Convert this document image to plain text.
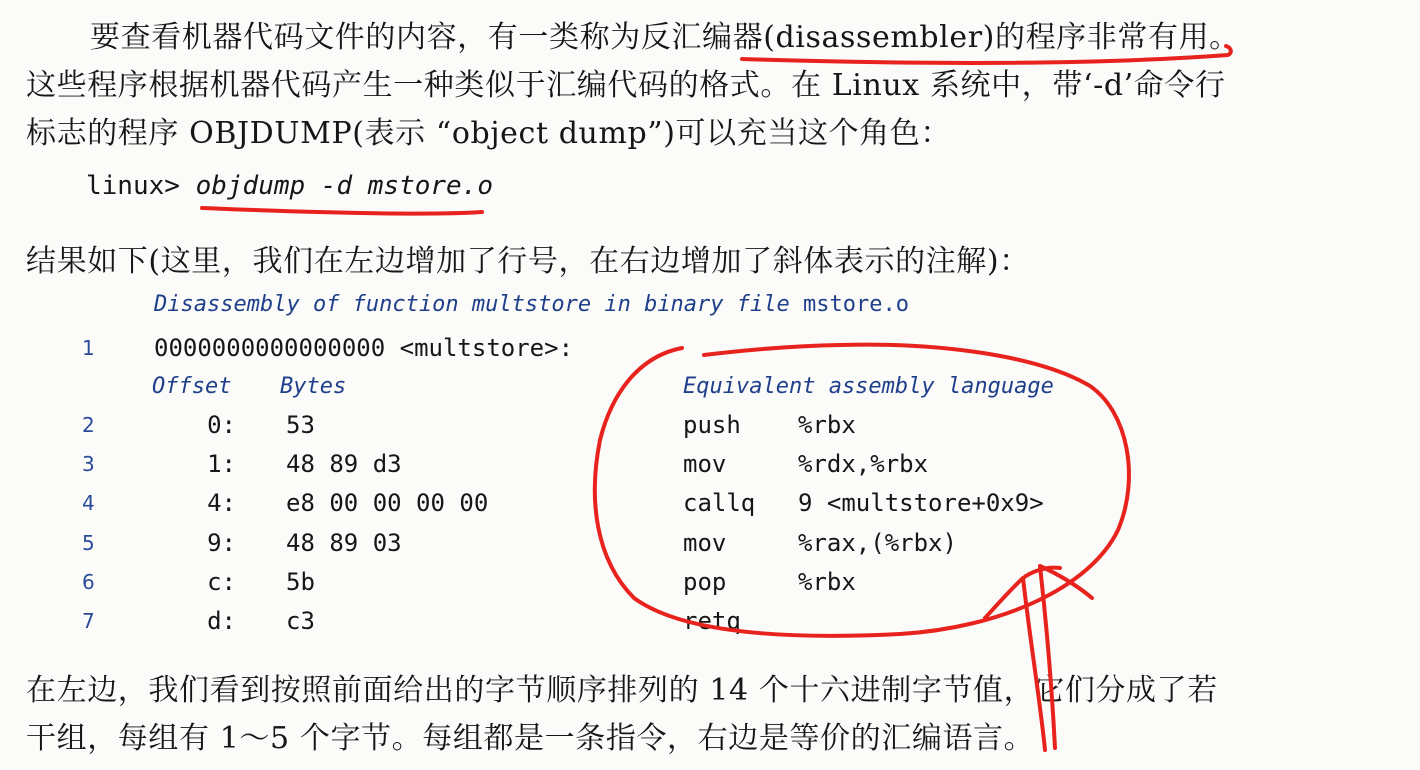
要查看机器代码文件的内容，有一类称为反汇编器(disassembler)的程序非常有用。
这些程序根据机器代码产生一种类似于汇编代码的格式。在 Linux 系统中，带‘-d’命令行
标志的程序 OBJDUMP(表示 “object dump”)可以充当这个角色：
linux> objdump -d mstore.o
结果如下(这里，我们在左边增加了行号，在右边增加了斜体表示的注解)：
Disassembly of function multstore in binary file mstore.o
1	0000000000000000 <multstore>:
Offset Bytes	Equivalent assembly language
2	0: 53	push %rbx
3	1: 48 89 d3	mov	%rdx,%rbx
4	4: e8 00 00 00 00	callq 9 <multstore+0x9>
5	9: 48 89 03	mov	%rax,(%rbx)
6	c: 5b	pop	%rbx
7	d: c3	retq
在左边，我们看到按照前面给出的字节顺序排列的 14 个十六进制字节值，它们分成了若
干组，每组有 1～5 个字节。每组都是一条指令，右边是等价的汇编语言。
